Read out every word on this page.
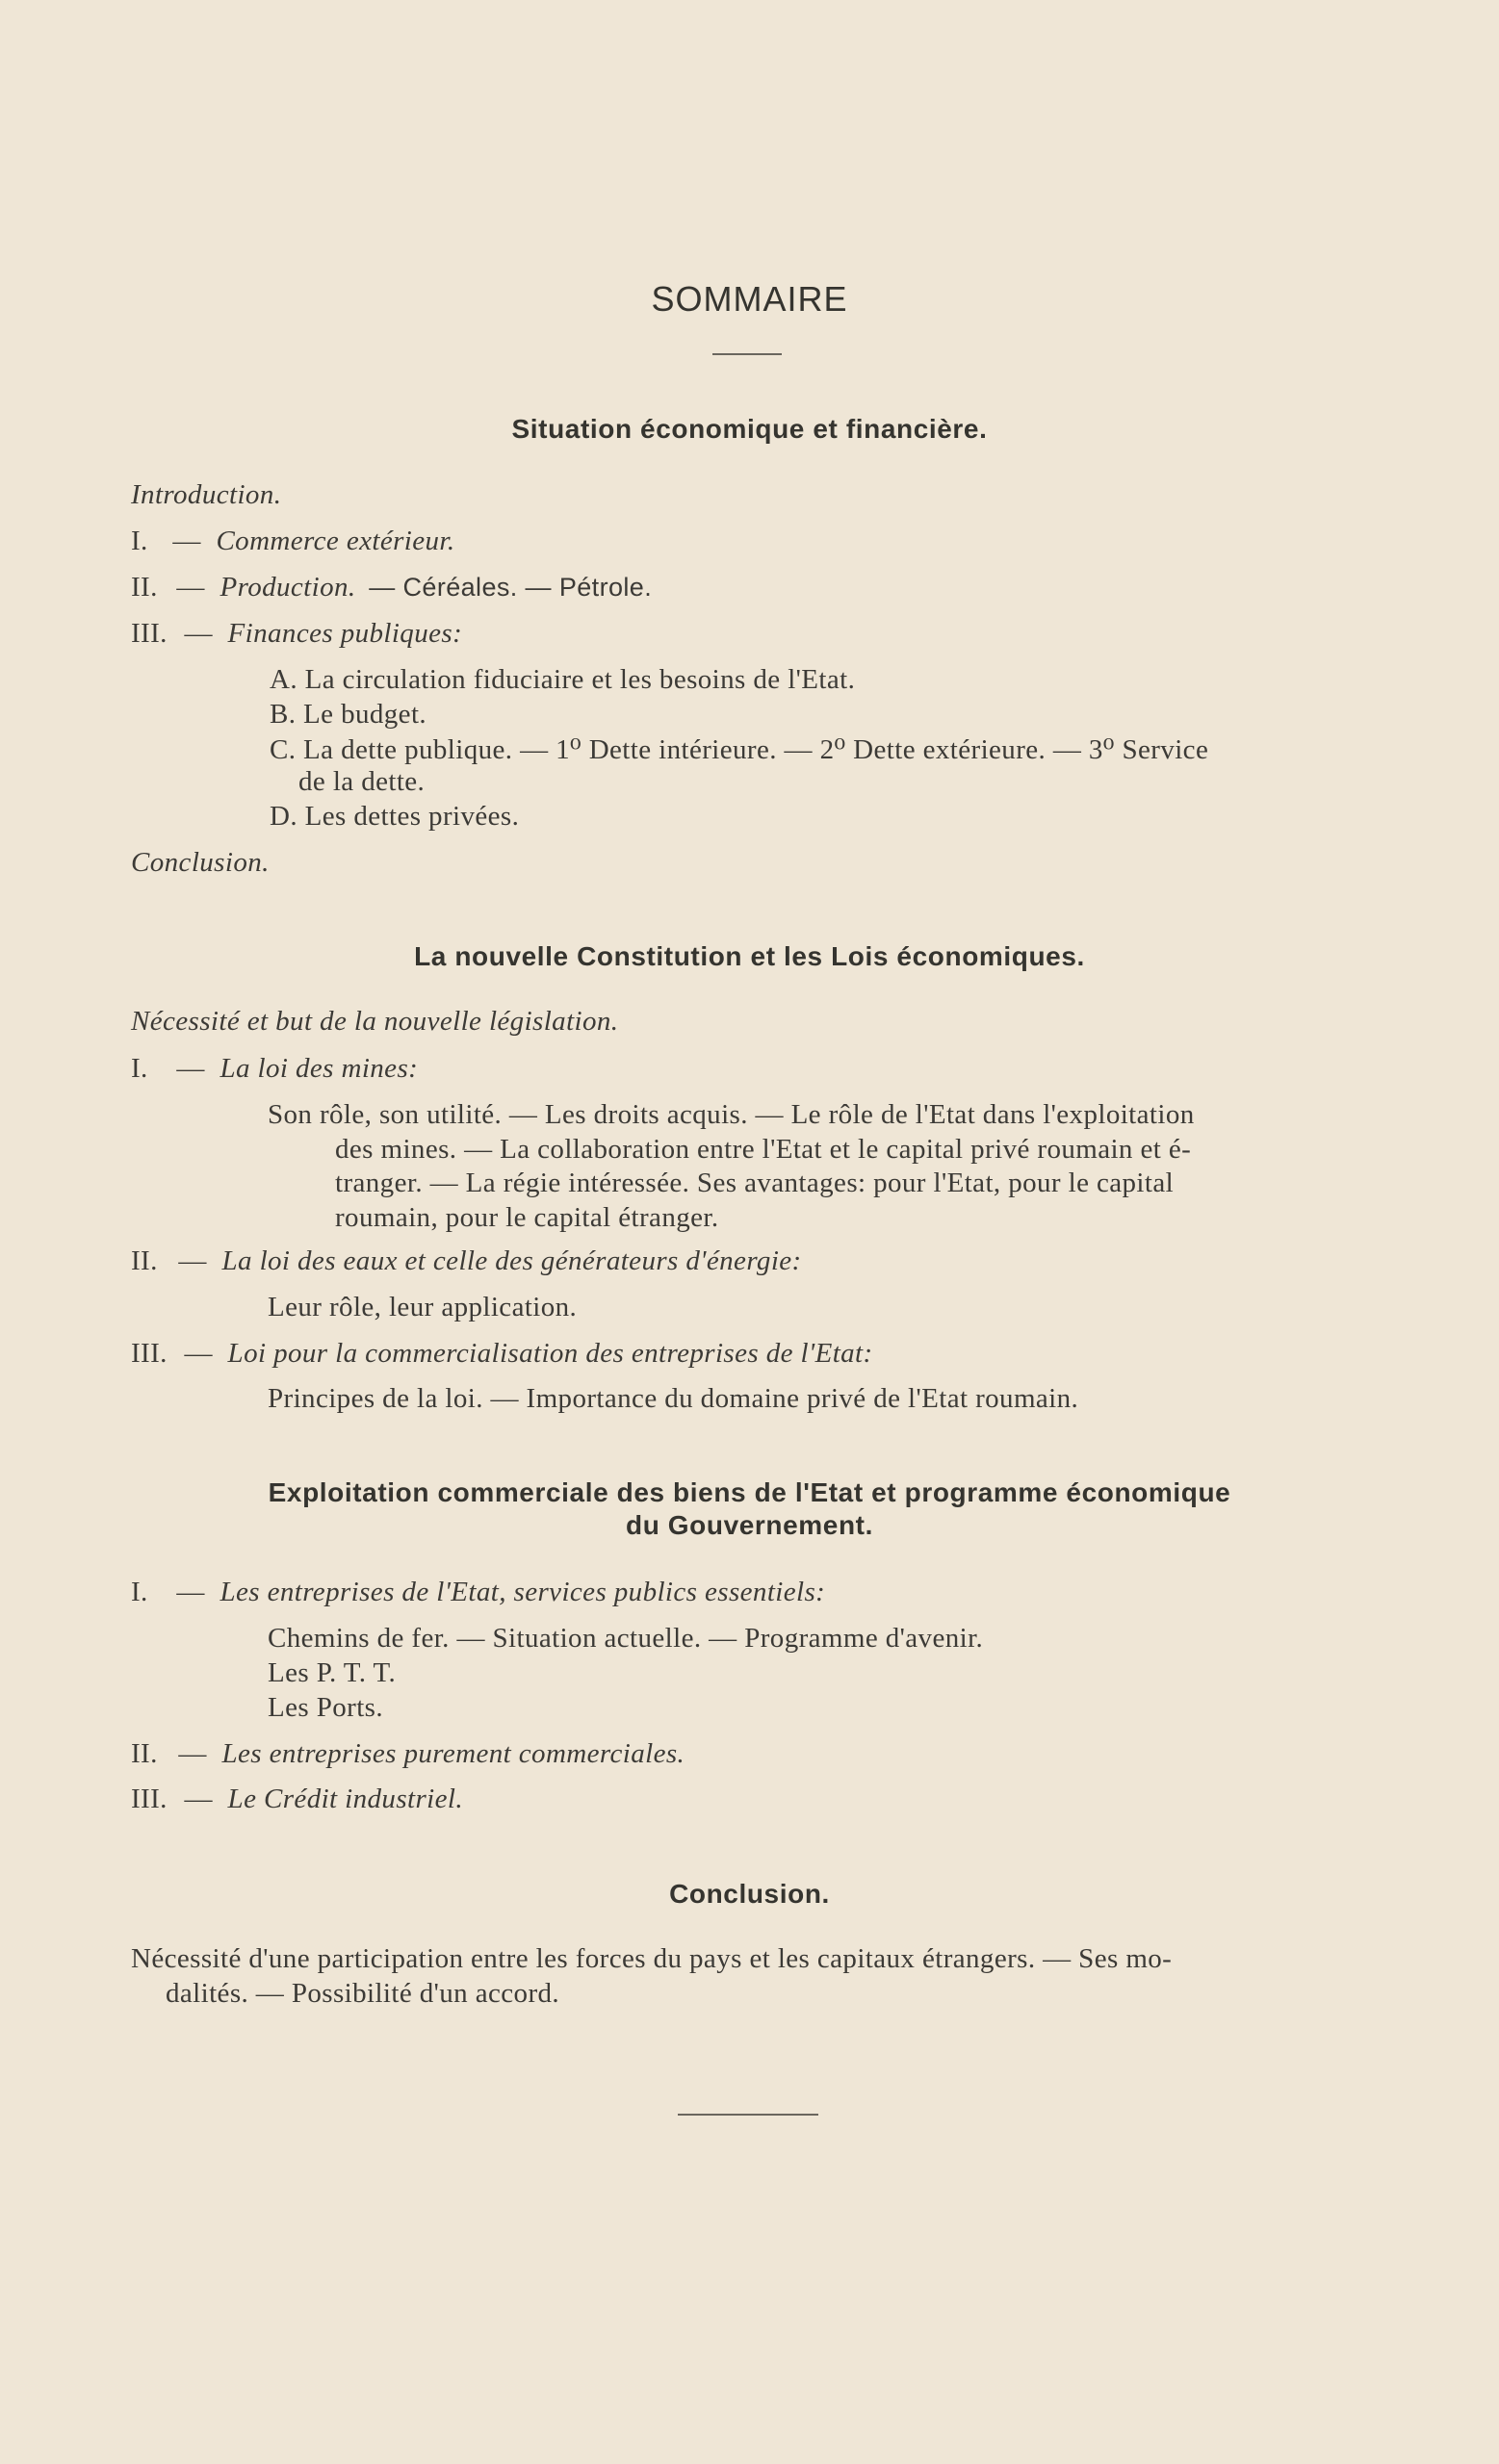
SOMMAIRE
Situation économique et financière.
Introduction.
I. — Commerce extérieur.
II. — Production. — Céréales. — Pétrole.
III. — Finances publiques:
A. La circulation fiduciaire et les besoins de l'Etat.
B. Le budget.
C. La dette publique. — 1⁰ Dette intérieure. — 2⁰ Dette extérieure. — 3⁰ Service
de la dette.
D. Les dettes privées.
Conclusion.
La nouvelle Constitution et les Lois économiques.
Nécessité et but de la nouvelle législation.
I. — La loi des mines:
Son rôle, son utilité. — Les droits acquis. — Le rôle de l'Etat dans l'exploitation
des mines. — La collaboration entre l'Etat et le capital privé roumain et é-
tranger. — La régie intéressée. Ses avantages: pour l'Etat, pour le capital
roumain, pour le capital étranger.
II. — La loi des eaux et celle des générateurs d'énergie:
Leur rôle, leur application.
III. — Loi pour la commercialisation des entreprises de l'Etat:
Principes de la loi. — Importance du domaine privé de l'Etat roumain.
Exploitation commerciale des biens de l'Etat et programme économique
du Gouvernement.
I. — Les entreprises de l'Etat, services publics essentiels:
Chemins de fer. — Situation actuelle. — Programme d'avenir.
Les P. T. T.
Les Ports.
II. — Les entreprises purement commerciales.
III. — Le Crédit industriel.
Conclusion.
Nécessité d'une participation entre les forces du pays et les capitaux étrangers. — Ses mo-
dalités. — Possibilité d'un accord.
